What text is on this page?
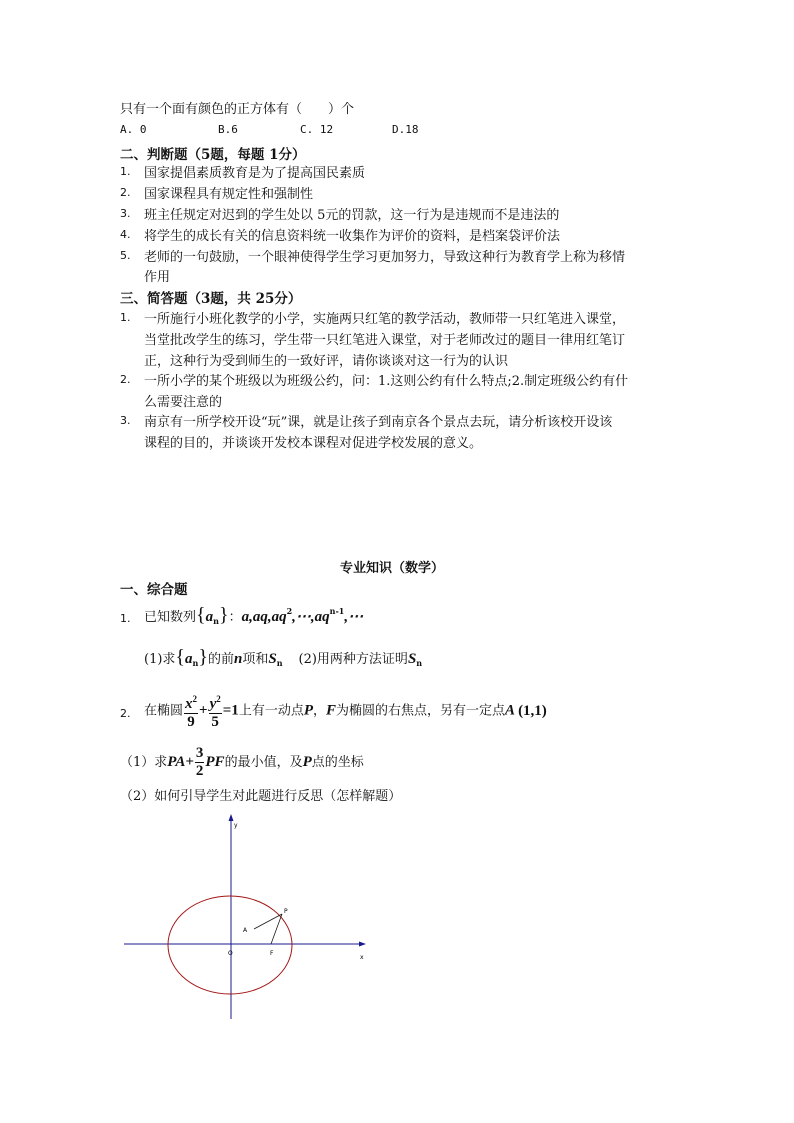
只有一个面有颜色的正方体有（　　）个
A. 0	B.6	C. 12	D.18
二、判断题（5题，每题 1分）
1. 国家提倡素质教育是为了提高国民素质
2. 国家课程具有规定性和强制性
3. 班主任规定对迟到的学生处以 5元的罚款，这一行为是违规而不是违法的
4. 将学生的成长有关的信息资料统一收集作为评价的资料，是档案袋评价法
5. 老师的一句鼓励，一个眼神使得学生学习更加努力，导致这种行为教育学上称为移情
作用
三、简答题（3题，共 25分）
1. 一所施行小班化教学的小学，实施两只红笔的教学活动，教师带一只红笔进入课堂，
当堂批改学生的练习，学生带一只红笔进入课堂，对于老师改过的题目一律用红笔订
正，这种行为受到师生的一致好评，请你谈谈对这一行为的认识
2. 一所小学的某个班级以为班级公约，问：1.这则公约有什么特点;2.制定班级公约有什
么需要注意的
3. 南京有一所学校开设“玩”课，就是让孩子到南京各个景点去玩，请分析该校开设该
课程的目的，并谈谈开发校本课程对促进学校发展的意义。
专业知识（数学）
一、综合题
1. 已知数列$\{a_n\}$：$a,aq,aq^2,\cdots,aq^{n-1},\cdots$
(1)求$\{a_n\}$的前n项和$S_n$ (2)用两种方法证明$S_n$
2. 在椭圆 $\frac{x^2}{9} + \frac{y^2}{5} =1$上有一动点P，F为椭圆的右焦点，另有一定点A (1,1)
（1）求$PA+ \frac{3}{2}$ PF的最小值，及P点的坐标
（2）如何引导学生对此题进行反思（怎样解题）
y
x
O
A
P
F
